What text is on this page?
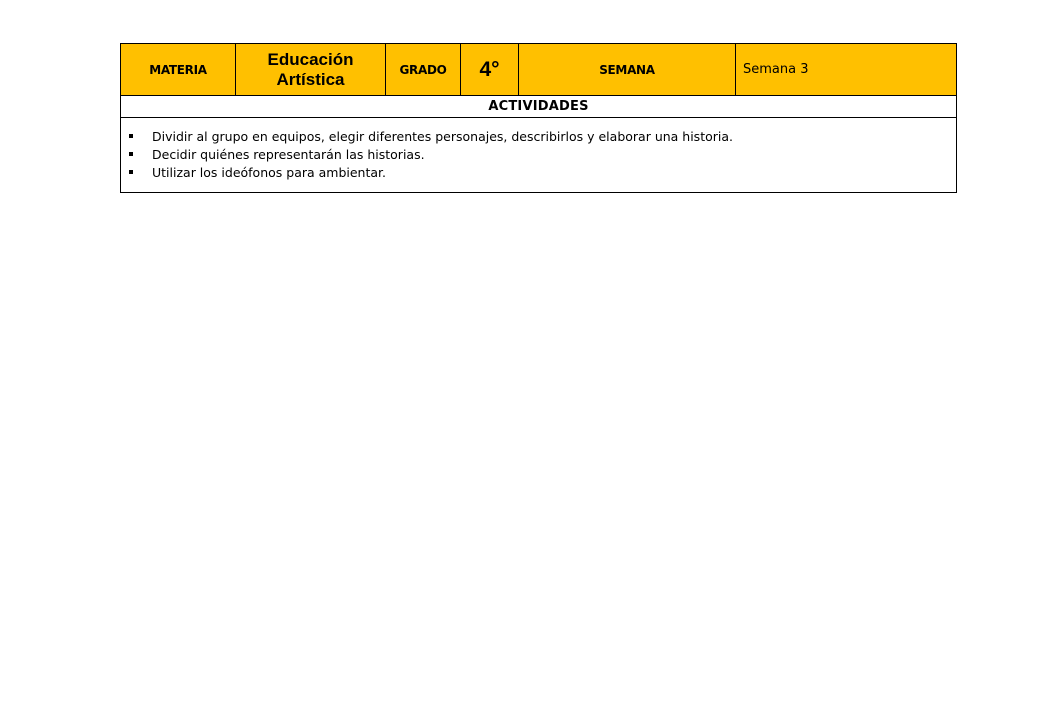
MATERIA	Educación Artística	GRADO	4°	SEMANA	Semana 3
ACTIVIDADES

Dividir al grupo en equipos, elegir diferentes personajes, describirlos y elaborar una historia.
Decidir quiénes representarán las historias.
Utilizar los ideófonos para ambientar.
